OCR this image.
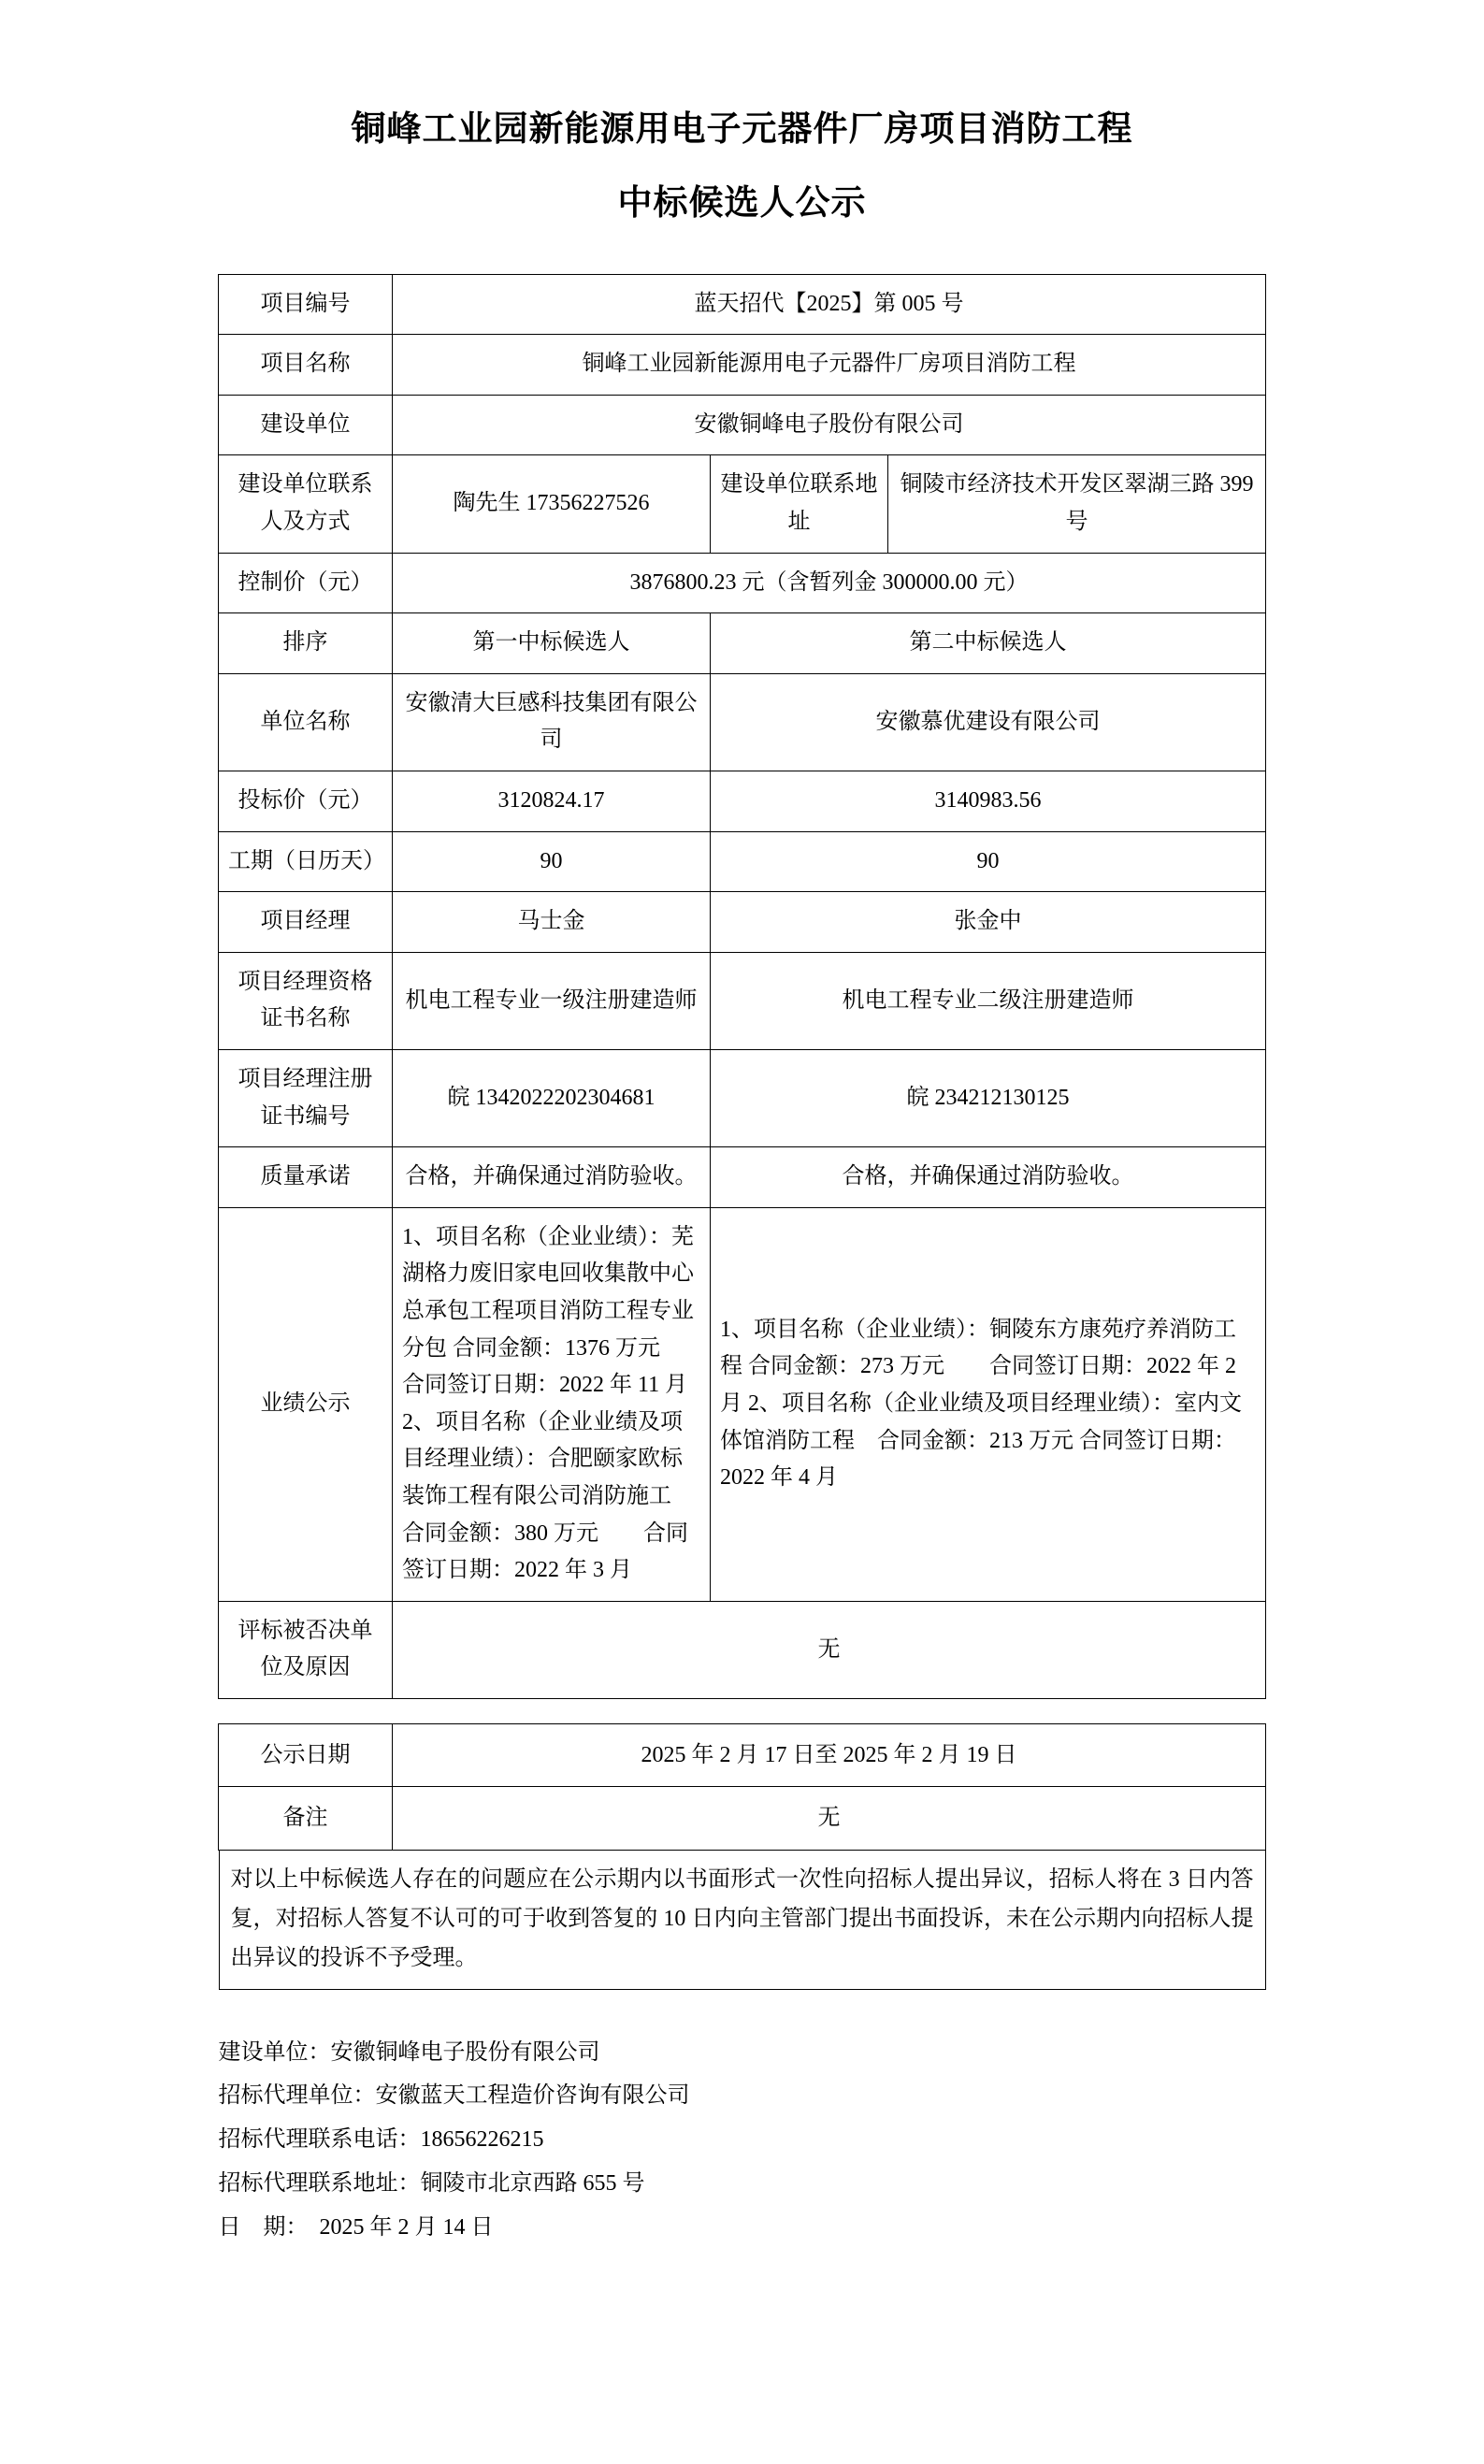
铜峰工业园新能源用电子元器件厂房项目消防工程
中标候选人公示
项目编号	蓝天招代【2025】第 005 号		
项目名称	铜峰工业园新能源用电子元器件厂房项目消防工程		
建设单位	安徽铜峰电子股份有限公司		
建设单位联系人及方式	陶先生 17356227526	建设单位联系地址	铜陵市经济技术开发区翠湖三路 399 号
控制价（元）	3876800.23 元（含暂列金 300000.00 元）		
排序	第一中标候选人	第二中标候选人	
单位名称	安徽清大巨感科技集团有限公司	安徽慕优建设有限公司	
投标价（元）	3120824.17	3140983.56	
工期（日历天）	90	90	
项目经理	马士金	张金中	
项目经理资格证书名称	机电工程专业一级注册建造师	机电工程专业二级注册建造师	
项目经理注册证书编号	皖 1342022202304681	皖 234212130125	
质量承诺	合格，并确保通过消防验收。	合格，并确保通过消防验收。	
业绩公示	1、项目名称（企业业绩）：芜湖格力废旧家电回收集散中心总承包工程项目消防工程专业分包 合同金额：1376 万元　　合同签订日期：2022 年 11 月 2、项目名称（企业业绩及项目经理业绩）：合肥颐家欧标装饰工程有限公司消防施工　　合同金额：380 万元　　合同签订日期：2022 年 3 月	1、项目名称（企业业绩）：铜陵东方康苑疗养消防工程 合同金额：273 万元　　合同签订日期：2022 年 2 月 2、项目名称（企业业绩及项目经理业绩）：室内文体馆消防工程　合同金额：213 万元 合同签订日期：2022 年 4 月	
评标被否决单位及原因	无		
公示日期	2025 年 2 月 17 日至 2025 年 2 月 19 日
备注	无
对以上中标候选人存在的问题应在公示期内以书面形式一次性向招标人提出异议，招标人将在 3 日内答复，对招标人答复不认可的可于收到答复的 10 日内向主管部门提出书面投诉，未在公示期内向招标人提出异议的投诉不予受理。
建设单位：安徽铜峰电子股份有限公司
招标代理单位：安徽蓝天工程造价咨询有限公司
招标代理联系电话：18656226215
招标代理联系地址：铜陵市北京西路 655 号
日    期：  2025 年 2 月 14 日
